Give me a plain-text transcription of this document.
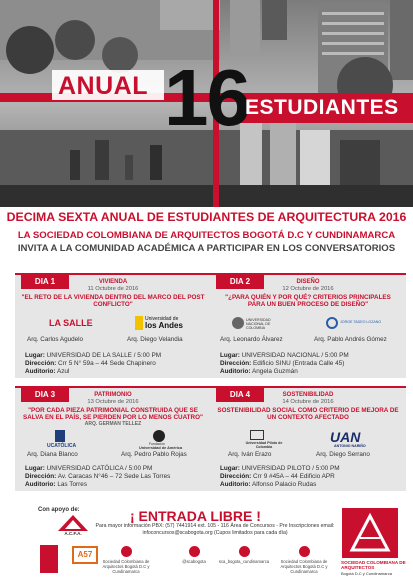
ANUAL 16
ESTUDIANTES
DECIMA SEXTA ANUAL DE ESTUDIANTES DE ARQUITECTURA 2016
LA SOCIEDAD COLOMBIANA DE ARQUITECTOS BOGOTÁ D.C Y CUNDINAMARCA
INVITA A LA COMUNIDAD ACADÉMICA A PARTICIPAR EN LOS CONVERSATORIOS
DIA 1	VIVIENDA
11 Octubre de 2016
"EL RETO DE LA VIVIENDA DENTRO DEL MARCO DEL POST CONFLICTO"
LA SALLE	Universidad de
los Andes
Arq. Carlos Agudelo	Arq. Diego Velandia
Lugar: UNIVERSIDAD DE LA SALLE / 5:00 PM
Dirección: Crr 5 N° 59a – 44 Sede Chapinero
Auditorio: Azul
DIA 2	DISEÑO
12 Octubre de 2016
"¿PARA QUIÉN Y POR QUÉ? CRITERIOS PRINCIPALES PARA UN BUEN PROCESO DE DISEÑO"
UNIVERSIDAD NACIONAL DE COLOMBIA
JORGE TADEO LOZANO
Arq. Leonardo Álvarez	Arq. Pablo Andrés Gómez
Lugar: UNIVERSIDAD NACIONAL / 5:00 PM
Dirección: Edificio SINU (Entrada Calle 45)
Auditorio: Angela Guzmán
DIA 3	PATRIMONIO
13 Octubre de 2016
"POR CADA PIEZA PATRIMONIAL CONSTRUIDA QUE SE SALVA EN EL PAÍS, SE PIERDEN POR LO MENOS CUATRO"
ARQ. GERMAN TELLEZ
UCATÓLICA	Fundación
Universidad de América
Arq. Diana Blanco	Arq. Pedro Pablo Rojas
Lugar: UNIVERSIDAD CATÓLICA / 5:00 PM
Dirección: Av. Caracas N°46 – 72 Sede Las Torres
Auditorio: Las Torres
DIA 4	SOSTENIBILIDAD
14 Octubre de 2016
SOSTENIBILIDAD SOCIAL COMO CRITERIO DE MEJORA DE UN CONTEXTO AFECTADO
Universidad Piloto de Colombia
UAN
ANTONIO NARIÑO
Arq. Iván Erazo	Arq. Diego Serrano
Lugar: UNIVERSIDAD PILOTO / 5:00 PM
Dirección: Crr 9 #45A – 44 Edificio APR
Auditorio: Alfonso Palacio Rudas
Con apoyo de:
A.C.F.A.
A57
¡ ENTRADA LIBRE !
Para mayor información PBX: (57) 7441914 ext. 105 - 116 Área de Concursos - Pre Inscripciones email: infoconcursos@scabogota.org (Cupos limitados para cada día)
Sociedad Colombiana de Arquitectos Bogotá D.C y Cundinamarca
@scabogota	sca_bogota_cundinamarca	Sociedad Colombiana de Arquitectos Bogotá D.C y Cundinamarca
SOCIEDAD COLOMBIANA DE ARQUITECTOS
Bogotá D.C y Cundinamarca
